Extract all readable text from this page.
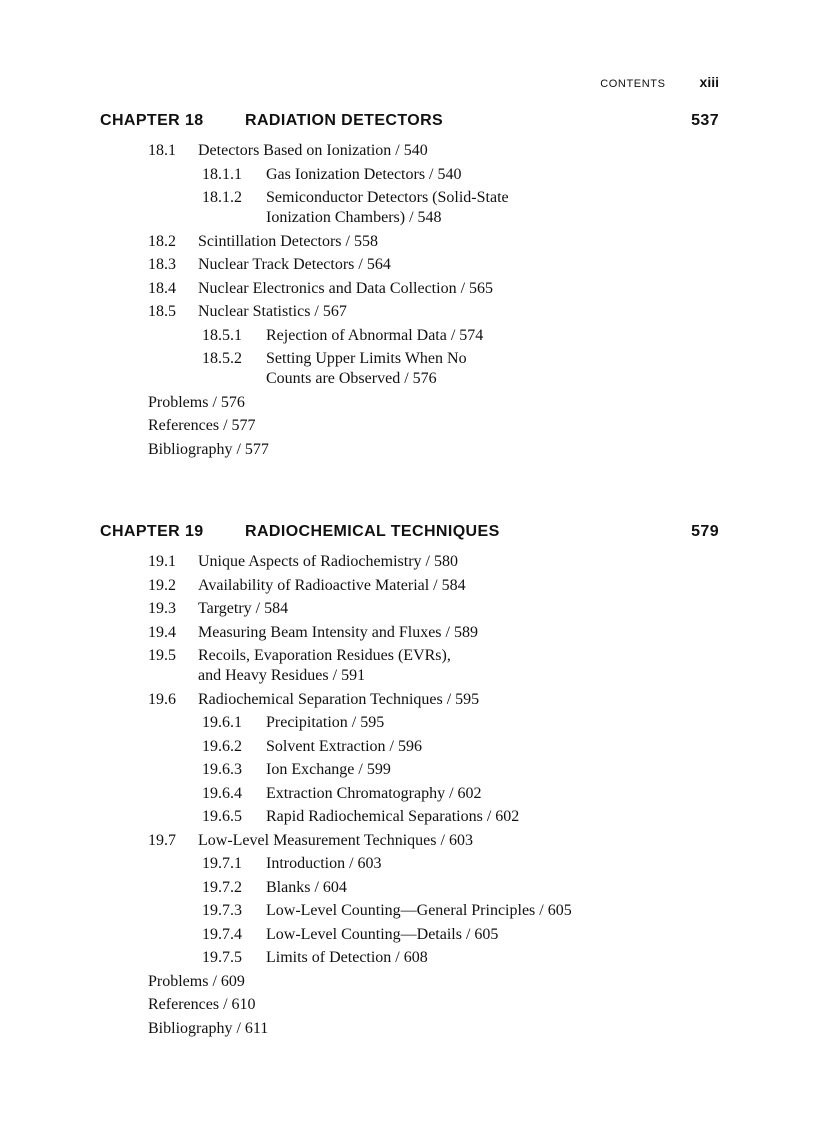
CONTENTS xiii
CHAPTER 18	RADIATION DETECTORS	537
18.1	Detectors Based on Ionization / 540
18.1.1	Gas Ionization Detectors / 540
18.1.2	Semiconductor Detectors (Solid-State
Ionization Chambers) / 548
18.2	Scintillation Detectors / 558
18.3	Nuclear Track Detectors / 564
18.4	Nuclear Electronics and Data Collection / 565
18.5	Nuclear Statistics / 567
18.5.1	Rejection of Abnormal Data / 574
18.5.2	Setting Upper Limits When No
Counts are Observed / 576
Problems / 576
References / 577
Bibliography / 577
CHAPTER 19	RADIOCHEMICAL TECHNIQUES	579
19.1	Unique Aspects of Radiochemistry / 580
19.2	Availability of Radioactive Material / 584
19.3	Targetry / 584
19.4	Measuring Beam Intensity and Fluxes / 589
19.5	Recoils, Evaporation Residues (EVRs),
and Heavy Residues / 591
19.6	Radiochemical Separation Techniques / 595
19.6.1	Precipitation / 595
19.6.2	Solvent Extraction / 596
19.6.3	Ion Exchange / 599
19.6.4	Extraction Chromatography / 602
19.6.5	Rapid Radiochemical Separations / 602
19.7	Low-Level Measurement Techniques / 603
19.7.1	Introduction / 603
19.7.2	Blanks / 604
19.7.3	Low-Level Counting—General Principles / 605
19.7.4	Low-Level Counting—Details / 605
19.7.5	Limits of Detection / 608
Problems / 609
References / 610
Bibliography / 611
